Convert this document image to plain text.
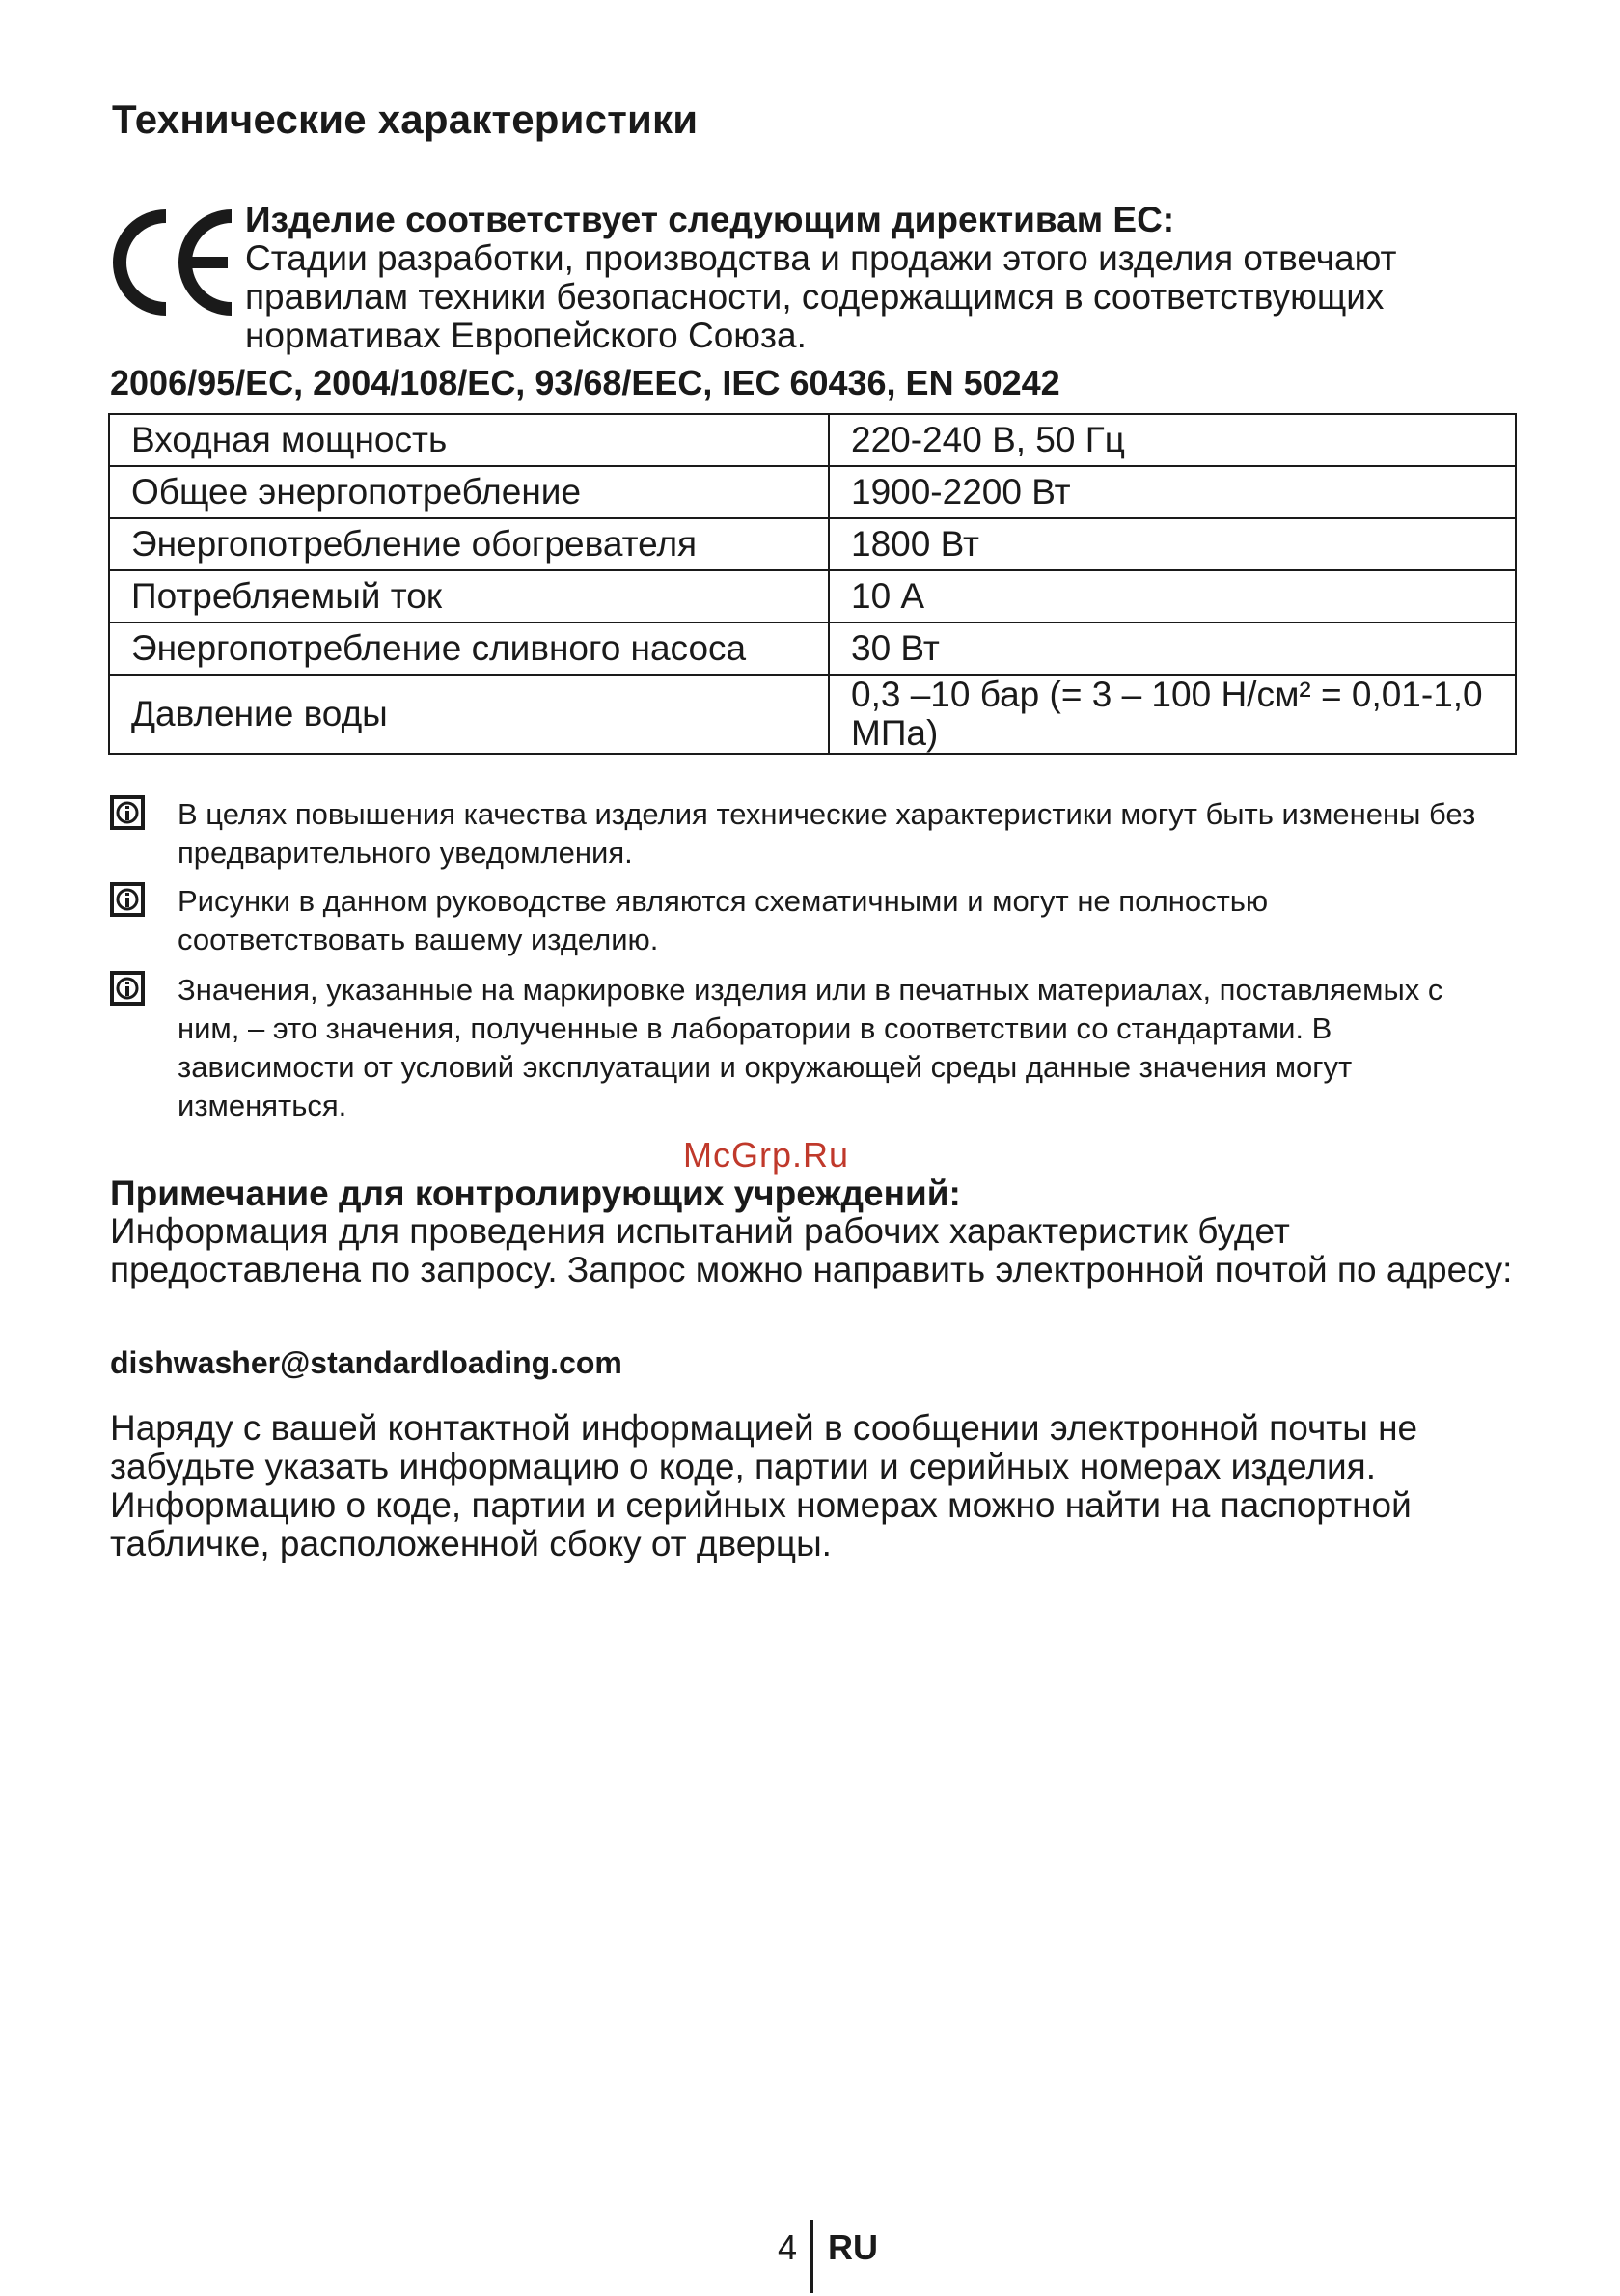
Технические характеристики
Изделие соответствует следующим директивам ЕС:
Стадии разработки, производства и продажи этого изделия отвечают правилам техники безопасности, содержащимся в соответствующих нормативах Европейского Союза.
2006/95/EC, 2004/108/EC, 93/68/EEC, IEC 60436, EN 50242
Входная мощность	220-240 В, 50 Гц
Общее энергопотребление	1900-2200 Вт
Энергопотребление обогревателя	1800 Вт
Потребляемый ток	10 А
Энергопотребление сливного насоса	30 Вт
Давление воды	0,3 –10 бар (= 3 – 100 Н/см² = 0,01-1,0 МПа)
В целях повышения качества изделия технические характеристики могут быть изменены без предварительного уведомления.
Рисунки в данном руководстве являются схематичными и могут не полностью соответствовать вашему изделию.
Значения, указанные на маркировке изделия или в печатных материалах, поставляемых с ним, – это значения, полученные в лаборатории в соответствии со стандартами. В зависимости от условий эксплуатации и окружающей среды данные значения могут изменяться.
McGrp.Ru
Примечание для контролирующих учреждений:
Информация для проведения испытаний рабочих характеристик будет предоставлена по запросу. Запрос можно направить электронной почтой по адресу:
dishwasher@standardloading.com
Наряду с вашей контактной информацией в сообщении электронной почты не забудьте указать информацию о коде, партии и серийных номерах изделия. Информацию о коде, партии и серийных номерах можно найти на паспортной табличке, расположенной сбоку от дверцы.
4 RU
